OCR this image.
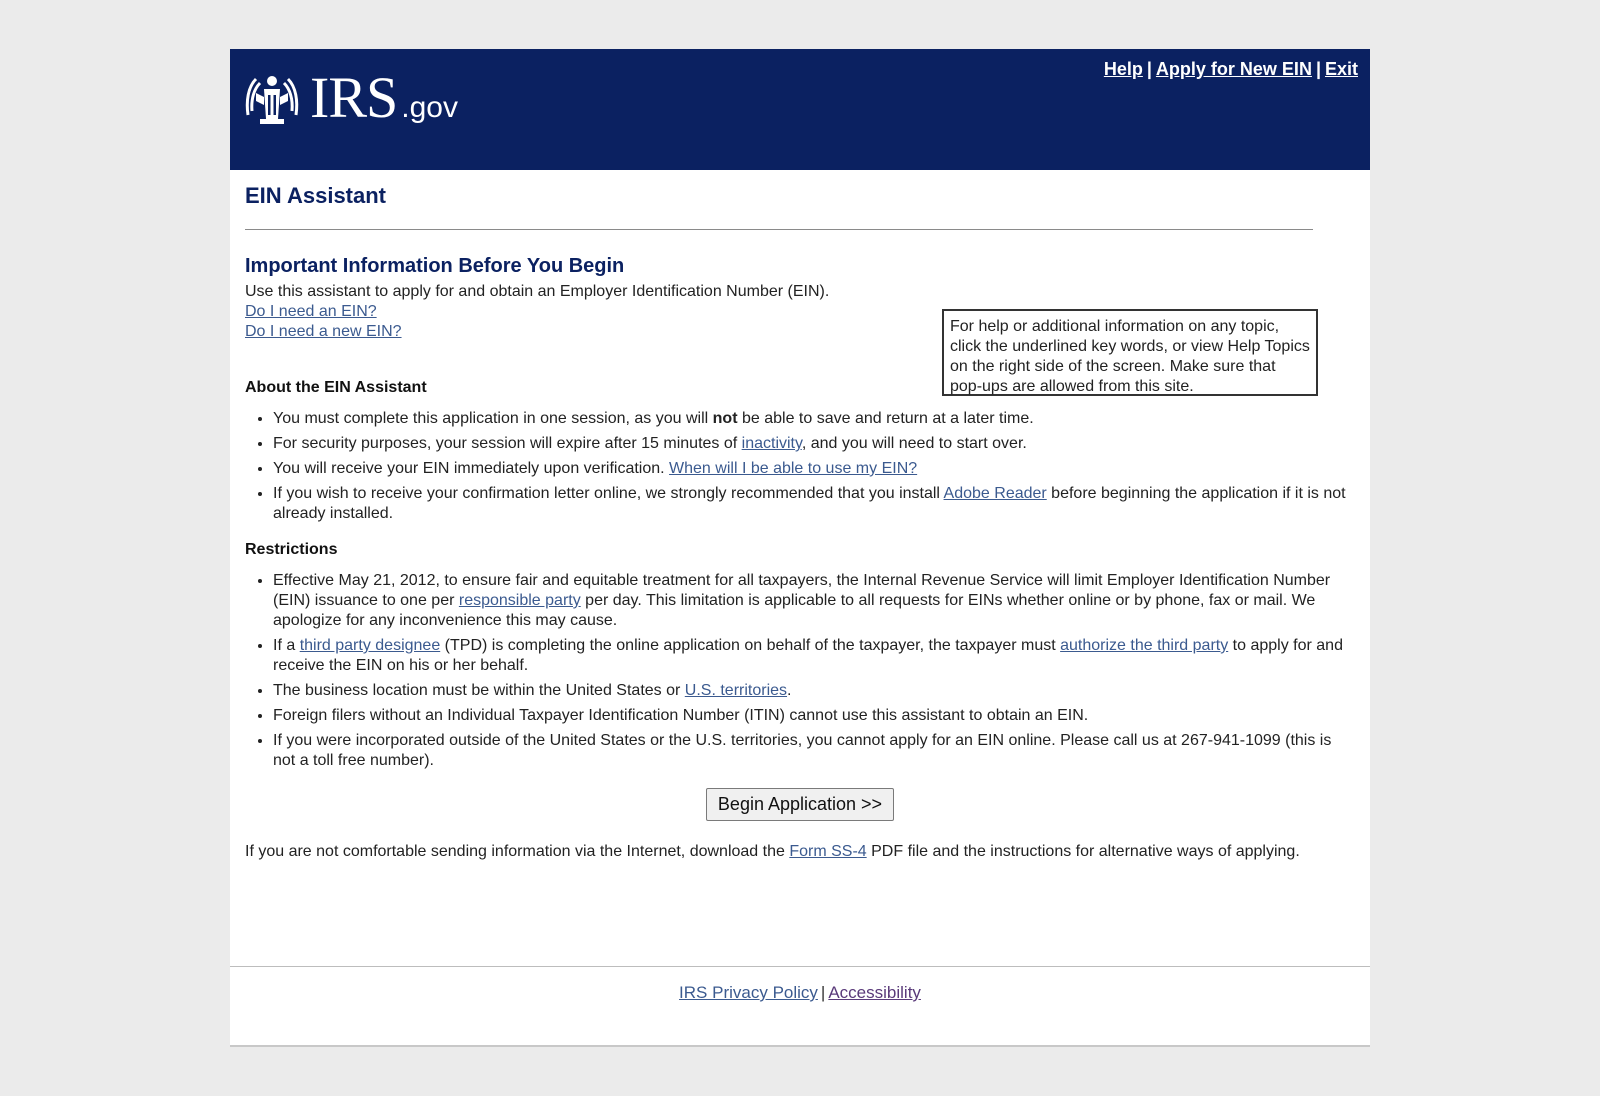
IRS .gov
Help | Apply for New EIN | Exit
EIN Assistant
Important Information Before You Begin
Use this assistant to apply for and obtain an Employer Identification Number (EIN).
Do I need an EIN?
Do I need a new EIN?	For help or additional information on any topic, click the underlined key words, or view Help Topics on the right side of the screen. Make sure that pop-ups are allowed from this site.
About the EIN Assistant
• You must complete this application in one session, as you will not be able to save and return at a later time.
• For security purposes, your session will expire after 15 minutes of inactivity, and you will need to start over.
• You will receive your EIN immediately upon verification. When will I be able to use my EIN?
• If you wish to receive your confirmation letter online, we strongly recommended that you install Adobe Reader before beginning the application if it is not already installed.
Restrictions
• Effective May 21, 2012, to ensure fair and equitable treatment for all taxpayers, the Internal Revenue Service will limit Employer Identification Number (EIN) issuance to one per responsible party per day. This limitation is applicable to all requests for EINs whether online or by phone, fax or mail. We apologize for any inconvenience this may cause.
• If a third party designee (TPD) is completing the online application on behalf of the taxpayer, the taxpayer must authorize the third party to apply for and receive the EIN on his or her behalf.
• The business location must be within the United States or U.S. territories.
• Foreign filers without an Individual Taxpayer Identification Number (ITIN) cannot use this assistant to obtain an EIN.
• If you were incorporated outside of the United States or the U.S. territories, you cannot apply for an EIN online. Please call us at 267-941-1099 (this is not a toll free number).
Begin Application >>
If you are not comfortable sending information via the Internet, download the Form SS-4 PDF file and the instructions for alternative ways of applying.
IRS Privacy Policy | Accessibility
